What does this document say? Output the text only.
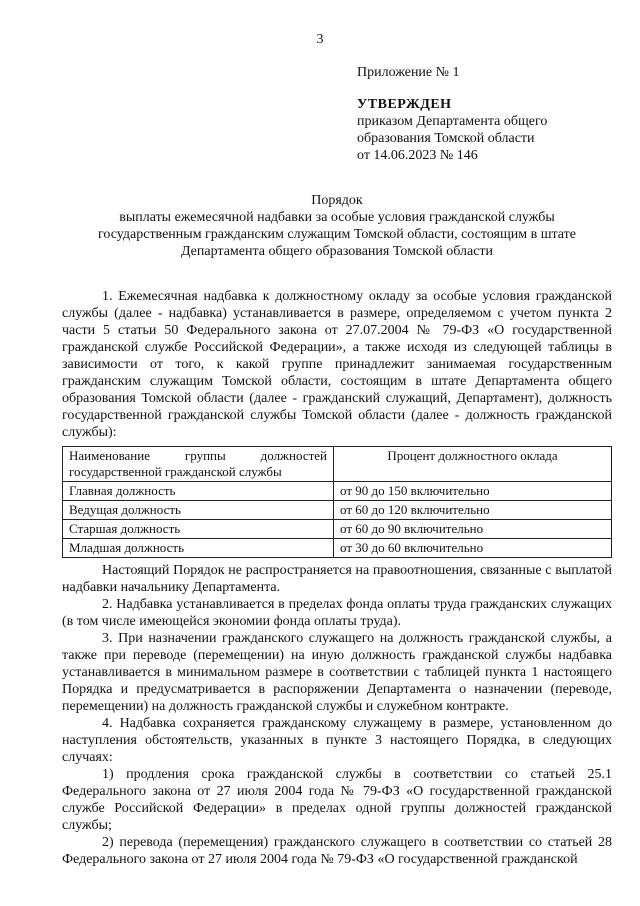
3
Приложение № 1
УТВЕРЖДЕН
приказом Департамента общего
образования Томской области
от 14.06.2023 № 146
Порядок
выплаты ежемесячной надбавки за особые условия гражданской службы
государственным гражданским служащим Томской области, состоящим в штате
Департамента общего образования Томской области

1. Ежемесячная надбавка к должностному окладу за особые условия гражданской службы (далее - надбавка) устанавливается в размере, определяемом с учетом пункта 2 части 5 статьи 50 Федерального закона от 27.07.2004 № 79-ФЗ «О государственной гражданской службе Российской Федерации», а также исходя из следующей таблицы в зависимости от того, к какой группе принадлежит занимаемая государственным гражданским служащим Томской области, состоящим в штате Департамента общего образования Томской области (далее - гражданский служащий, Департамент), должность государственной гражданской службы Томской области (далее - должность гражданской службы):

Наименование группы должностей государственной гражданской службы	Процент должностного оклада
Главная должность	от 90 до 150 включительно
Ведущая должность	от 60 до 120 включительно
Старшая должность	от 60 до 90 включительно
Младшая должность	от 30 до 60 включительно

Настоящий Порядок не распространяется на правоотношения, связанные с выплатой надбавки начальнику Департамента.

2. Надбавка устанавливается в пределах фонда оплаты труда гражданских служащих (в том числе имеющейся экономии фонда оплаты труда).

3. При назначении гражданского служащего на должность гражданской службы, а также при переводе (перемещении) на иную должность гражданской службы надбавка устанавливается в минимальном размере в соответствии с таблицей пункта 1 настоящего Порядка и предусматривается в распоряжении Департамента о назначении (переводе, перемещении) на должность гражданской службы и служебном контракте.

4. Надбавка сохраняется гражданскому служащему в размере, установленном до наступления обстоятельств, указанных в пункте 3 настоящего Порядка, в следующих случаях:

1) продления срока гражданской службы в соответствии со статьей 25.1 Федерального закона от 27 июля 2004 года № 79-ФЗ «О государственной гражданской службе Российской Федерации» в пределах одной группы должностей гражданской службы;

2) перевода (перемещения) гражданского служащего в соответствии со статьей 28 Федерального закона от 27 июля 2004 года № 79-ФЗ «О государственной гражданской
